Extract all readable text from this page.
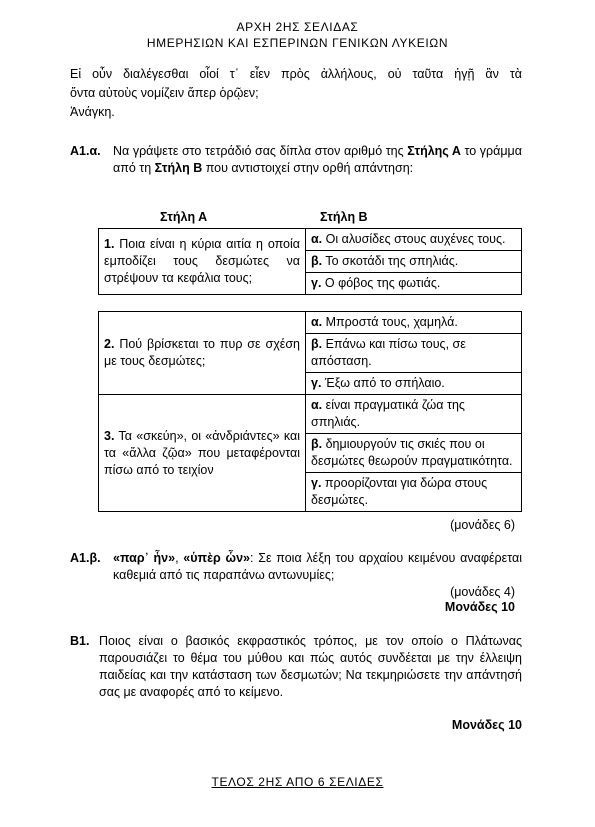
ΑΡΧΗ 2ΗΣ ΣΕΛΙΔΑΣ
ΗΜΕΡΗΣΙΩΝ ΚΑΙ ΕΣΠΕΡΙΝΩΝ ΓΕΝΙΚΩΝ ΛΥΚΕΙΩΝ
Εἰ οὖν διαλέγεσθαι οἷοί τ᾽ εἶεν πρὸς ἀλλήλους, οὐ ταῦτα ἡγῇ ἂν τὰ
ὄντα αὐτοὺς νομίζειν ἅπερ ὁρῷεν;
Ἀνάγκη.
Α1.α. Να γράψετε στο τετράδιό σας δίπλα στον αριθμό της Στήλης Α το γράμμα από τη Στήλη Β που αντιστοιχεί στην ορθή απάντηση:
Στήλη Α	Στήλη Β
1. Ποια είναι η κύρια αιτία η οποία εμποδίζει τους δεσμώτες να στρέψουν τα κεφάλια τους;	α. Οι αλυσίδες στους αυχένες τους.
β. Το σκοτάδι της σπηλιάς.
γ. Ο φόβος της φωτιάς.
2. Πού βρίσκεται το πυρ σε σχέση με τους δεσμώτες;	α. Μπροστά τους, χαμηλά.
β. Επάνω και πίσω τους, σε απόσταση.
γ. Έξω από το σπήλαιο.
3. Τα «σκεύη», οι «ἀνδριάντες» και τα «ἄλλα ζῷα» που μεταφέρονται πίσω από το τειχίον	α. είναι πραγματικά ζώα της σπηλιάς.
β. δημιουργούν τις σκιές που οι δεσμώτες θεωρούν πραγματικότητα.
γ. προορίζονται για δώρα στους δεσμώτες.
(μονάδες 6)
Α1.β. «παρ᾽ ἦν», «ὑπὲρ ὧν»: Σε ποια λέξη του αρχαίου κειμένου αναφέρεται καθεμιά από τις παραπάνω αντωνυμίες;
(μονάδες 4)
Μονάδες 10
Β1. Ποιος είναι ο βασικός εκφραστικός τρόπος, με τον οποίο ο Πλάτωνας παρουσιάζει το θέμα του μύθου και πώς αυτός συνδέεται με την έλλειψη παιδείας και την κατάσταση των δεσμωτών; Να τεκμηριώσετε την απάντησή σας με αναφορές από το κείμενο.
Μονάδες 10
ΤΕΛΟΣ 2ΗΣ ΑΠΟ 6 ΣΕΛΙΔΕΣ
